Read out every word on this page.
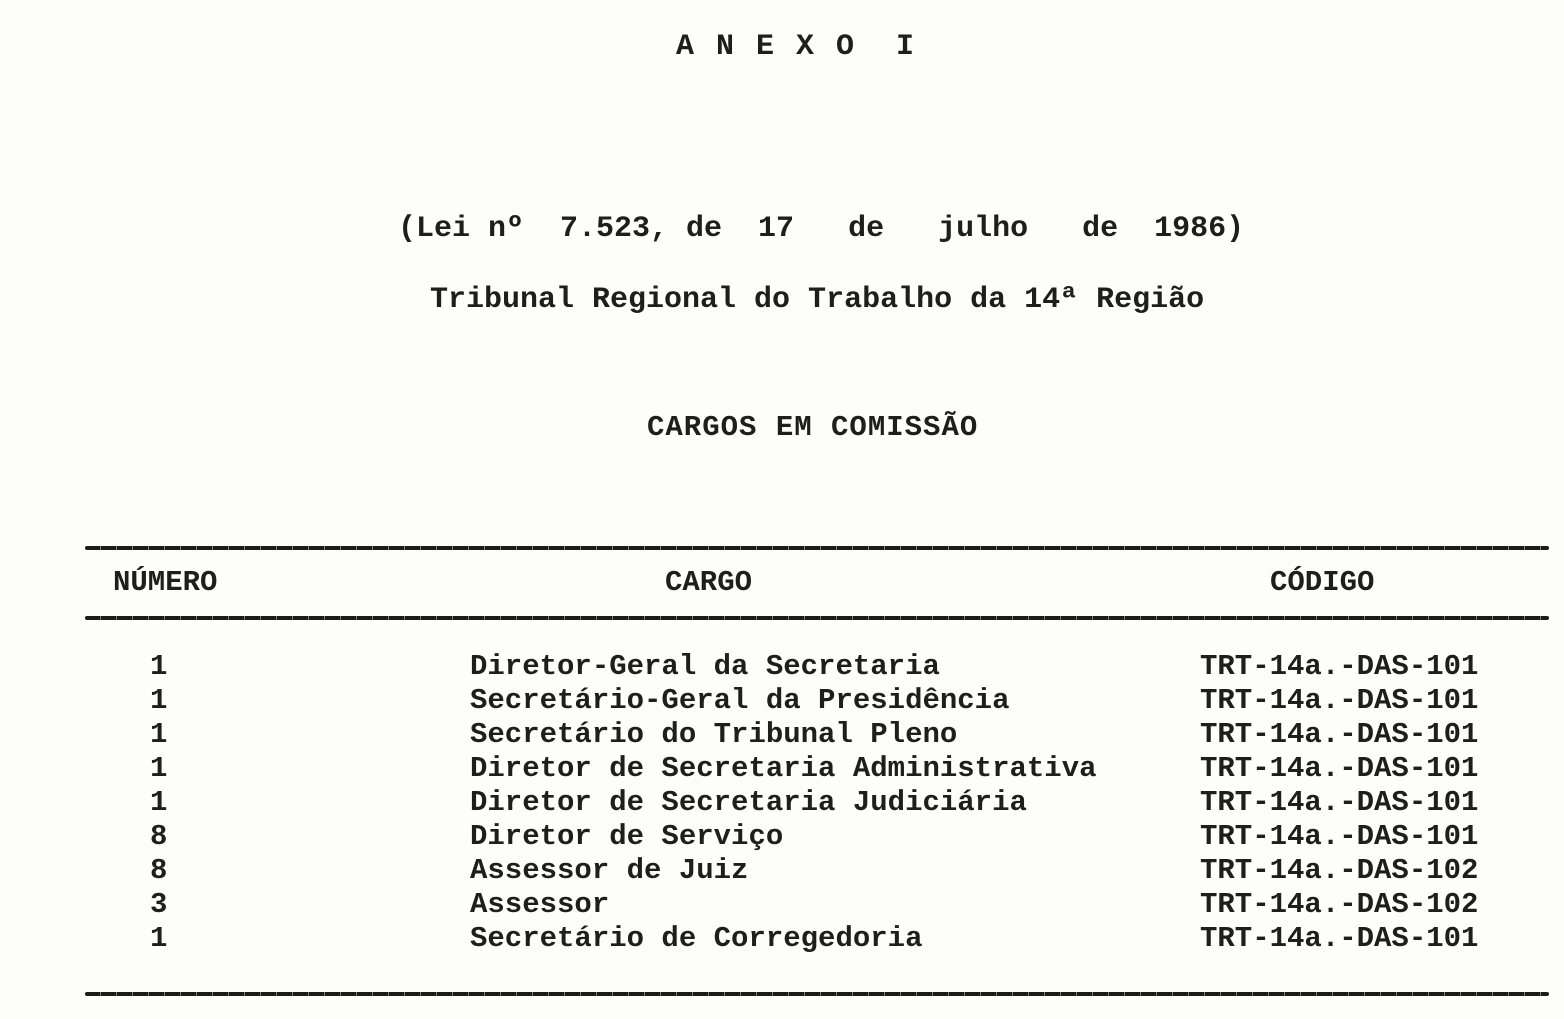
A N E X O  I
(Lei nº  7.523, de  17   de   julho   de  1986)
Tribunal Regional do Trabalho da 14ª Região
CARGOS EM COMISSÃO
NÚMERO	CARGO	CÓDIGO
1	Diretor-Geral da Secretaria	TRT-14a.-DAS-101
1	Secretário-Geral da Presidência	TRT-14a.-DAS-101
1	Secretário do Tribunal Pleno	TRT-14a.-DAS-101
1	Diretor de Secretaria Administrativa	TRT-14a.-DAS-101
1	Diretor de Secretaria Judiciária	TRT-14a.-DAS-101
8	Diretor de Serviço	TRT-14a.-DAS-101
8	Assessor de Juiz	TRT-14a.-DAS-102
3	Assessor	TRT-14a.-DAS-102
1	Secretário de Corregedoria	TRT-14a.-DAS-101
